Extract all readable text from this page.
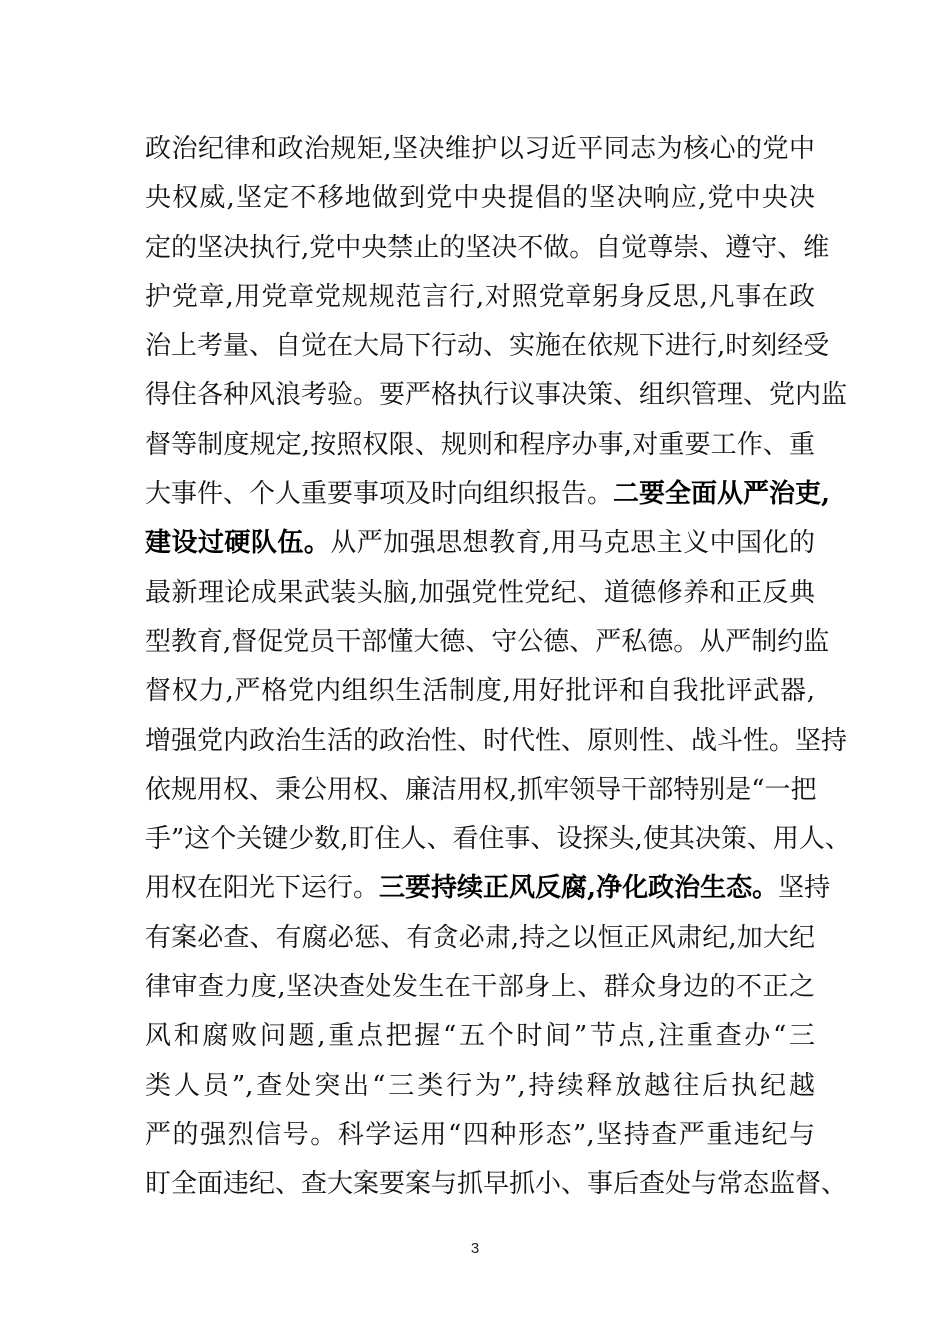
政治纪律和政治规矩,坚决维护以习近平同志为核心的党中
央权威,坚定不移地做到党中央提倡的坚决响应,党中央决
定的坚决执行,党中央禁止的坚决不做。自觉尊崇、遵守、维
护党章,用党章党规规范言行,对照党章躬身反思,凡事在政
治上考量、自觉在大局下行动、实施在依规下进行,时刻经受
得住各种风浪考验。要严格执行议事决策、组织管理、党内监
督等制度规定,按照权限、规则和程序办事,对重要工作、重
大事件、个人重要事项及时向组织报告。二要全面从严治吏,
建设过硬队伍。从严加强思想教育,用马克思主义中国化的
最新理论成果武装头脑,加强党性党纪、道德修养和正反典
型教育,督促党员干部懂大德、守公德、严私德。从严制约监
督权力,严格党内组织生活制度,用好批评和自我批评武器,
增强党内政治生活的政治性、时代性、原则性、战斗性。坚持
依规用权、秉公用权、廉洁用权,抓牢领导干部特别是“一把
手”这个关键少数,盯住人、看住事、设探头,使其决策、用人、
用权在阳光下运行。三要持续正风反腐,净化政治生态。坚持
有案必查、有腐必惩、有贪必肃,持之以恒正风肃纪,加大纪
律审查力度,坚决查处发生在干部身上、群众身边的不正之
风和腐败问题,重点把握“五个时间”节点,注重查办“三
类人员”,查处突出“三类行为”,持续释放越往后执纪越
严的强烈信号。科学运用“四种形态”,坚持查严重违纪与
盯全面违纪、查大案要案与抓早抓小、事后查处与常态监督、
3
